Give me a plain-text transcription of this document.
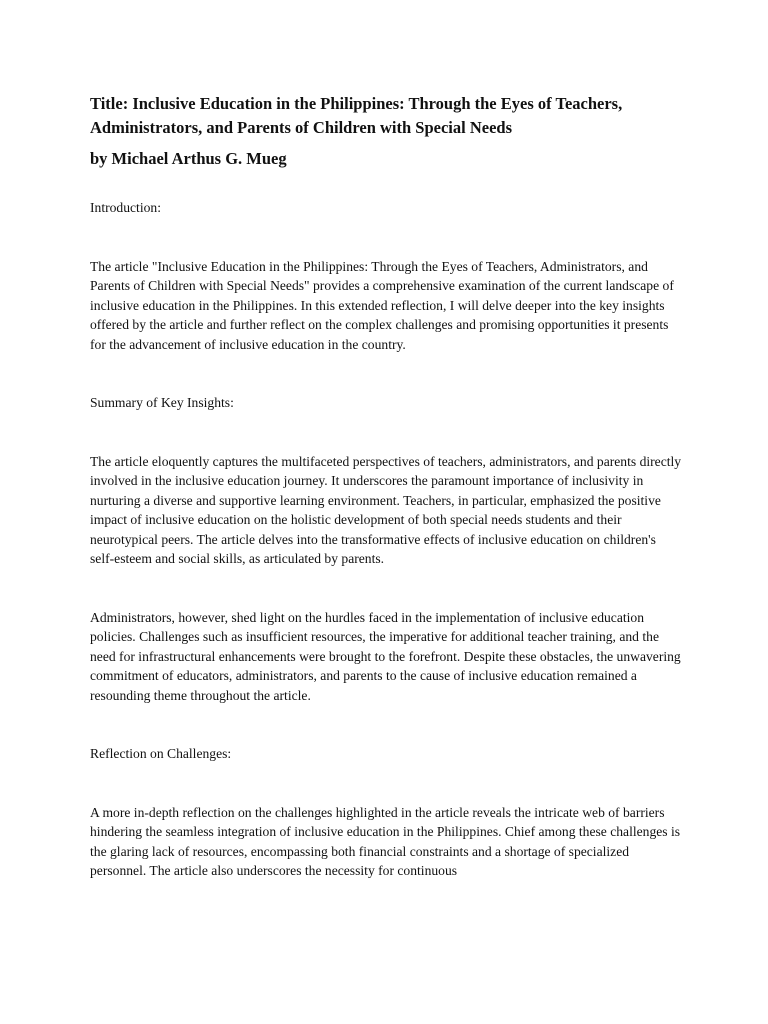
Title: Inclusive Education in the Philippines: Through the Eyes of Teachers, Administrators, and Parents of Children with Special Needs

by Michael Arthus G. Mueg

Introduction:

The article "Inclusive Education in the Philippines: Through the Eyes of Teachers, Administrators, and Parents of Children with Special Needs" provides a comprehensive examination of the current landscape of inclusive education in the Philippines. In this extended reflection, I will delve deeper into the key insights offered by the article and further reflect on the complex challenges and promising opportunities it presents for the advancement of inclusive education in the country.

Summary of Key Insights:

The article eloquently captures the multifaceted perspectives of teachers, administrators, and parents directly involved in the inclusive education journey. It underscores the paramount importance of inclusivity in nurturing a diverse and supportive learning environment. Teachers, in particular, emphasized the positive impact of inclusive education on the holistic development of both special needs students and their neurotypical peers. The article delves into the transformative effects of inclusive education on children's self-esteem and social skills, as articulated by parents.

Administrators, however, shed light on the hurdles faced in the implementation of inclusive education policies. Challenges such as insufficient resources, the imperative for additional teacher training, and the need for infrastructural enhancements were brought to the forefront. Despite these obstacles, the unwavering commitment of educators, administrators, and parents to the cause of inclusive education remained a resounding theme throughout the article.

Reflection on Challenges:

A more in-depth reflection on the challenges highlighted in the article reveals the intricate web of barriers hindering the seamless integration of inclusive education in the Philippines. Chief among these challenges is the glaring lack of resources, encompassing both financial constraints and a shortage of specialized personnel. The article also underscores the necessity for continuous
